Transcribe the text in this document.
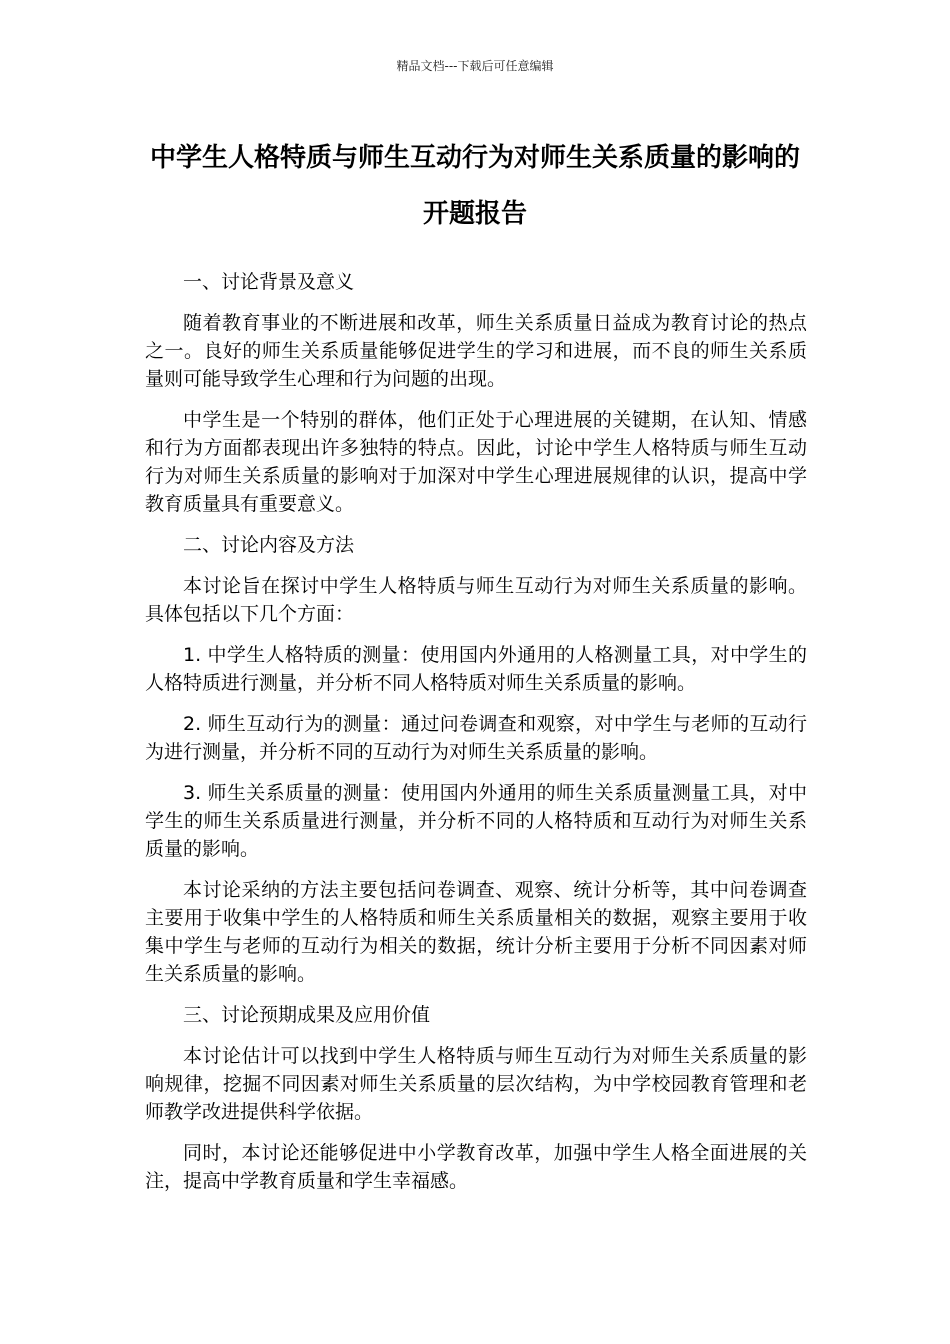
精品文档---下载后可任意编辑
中学生人格特质与师生互动行为对师生关系质量的影响的开题报告

一、讨论背景及意义

随着教育事业的不断进展和改革，师生关系质量日益成为教育讨论的热点之一。良好的师生关系质量能够促进学生的学习和进展，而不良的师生关系质量则可能导致学生心理和行为问题的出现。

中学生是一个特别的群体，他们正处于心理进展的关键期，在认知、情感和行为方面都表现出许多独特的特点。因此，讨论中学生人格特质与师生互动行为对师生关系质量的影响对于加深对中学生心理进展规律的认识，提高中学教育质量具有重要意义。

二、讨论内容及方法

本讨论旨在探讨中学生人格特质与师生互动行为对师生关系质量的影响。具体包括以下几个方面：

1. 中学生人格特质的测量：使用国内外通用的人格测量工具，对中学生的人格特质进行测量，并分析不同人格特质对师生关系质量的影响。

2. 师生互动行为的测量：通过问卷调查和观察，对中学生与老师的互动行为进行测量，并分析不同的互动行为对师生关系质量的影响。

3. 师生关系质量的测量：使用国内外通用的师生关系质量测量工具，对中学生的师生关系质量进行测量，并分析不同的人格特质和互动行为对师生关系质量的影响。

本讨论采纳的方法主要包括问卷调查、观察、统计分析等，其中问卷调查主要用于收集中学生的人格特质和师生关系质量相关的数据，观察主要用于收集中学生与老师的互动行为相关的数据，统计分析主要用于分析不同因素对师生关系质量的影响。

三、讨论预期成果及应用价值

本讨论估计可以找到中学生人格特质与师生互动行为对师生关系质量的影响规律，挖掘不同因素对师生关系质量的层次结构，为中学校园教育管理和老师教学改进提供科学依据。

同时，本讨论还能够促进中小学教育改革，加强中学生人格全面进展的关注，提高中学教育质量和学生幸福感。
